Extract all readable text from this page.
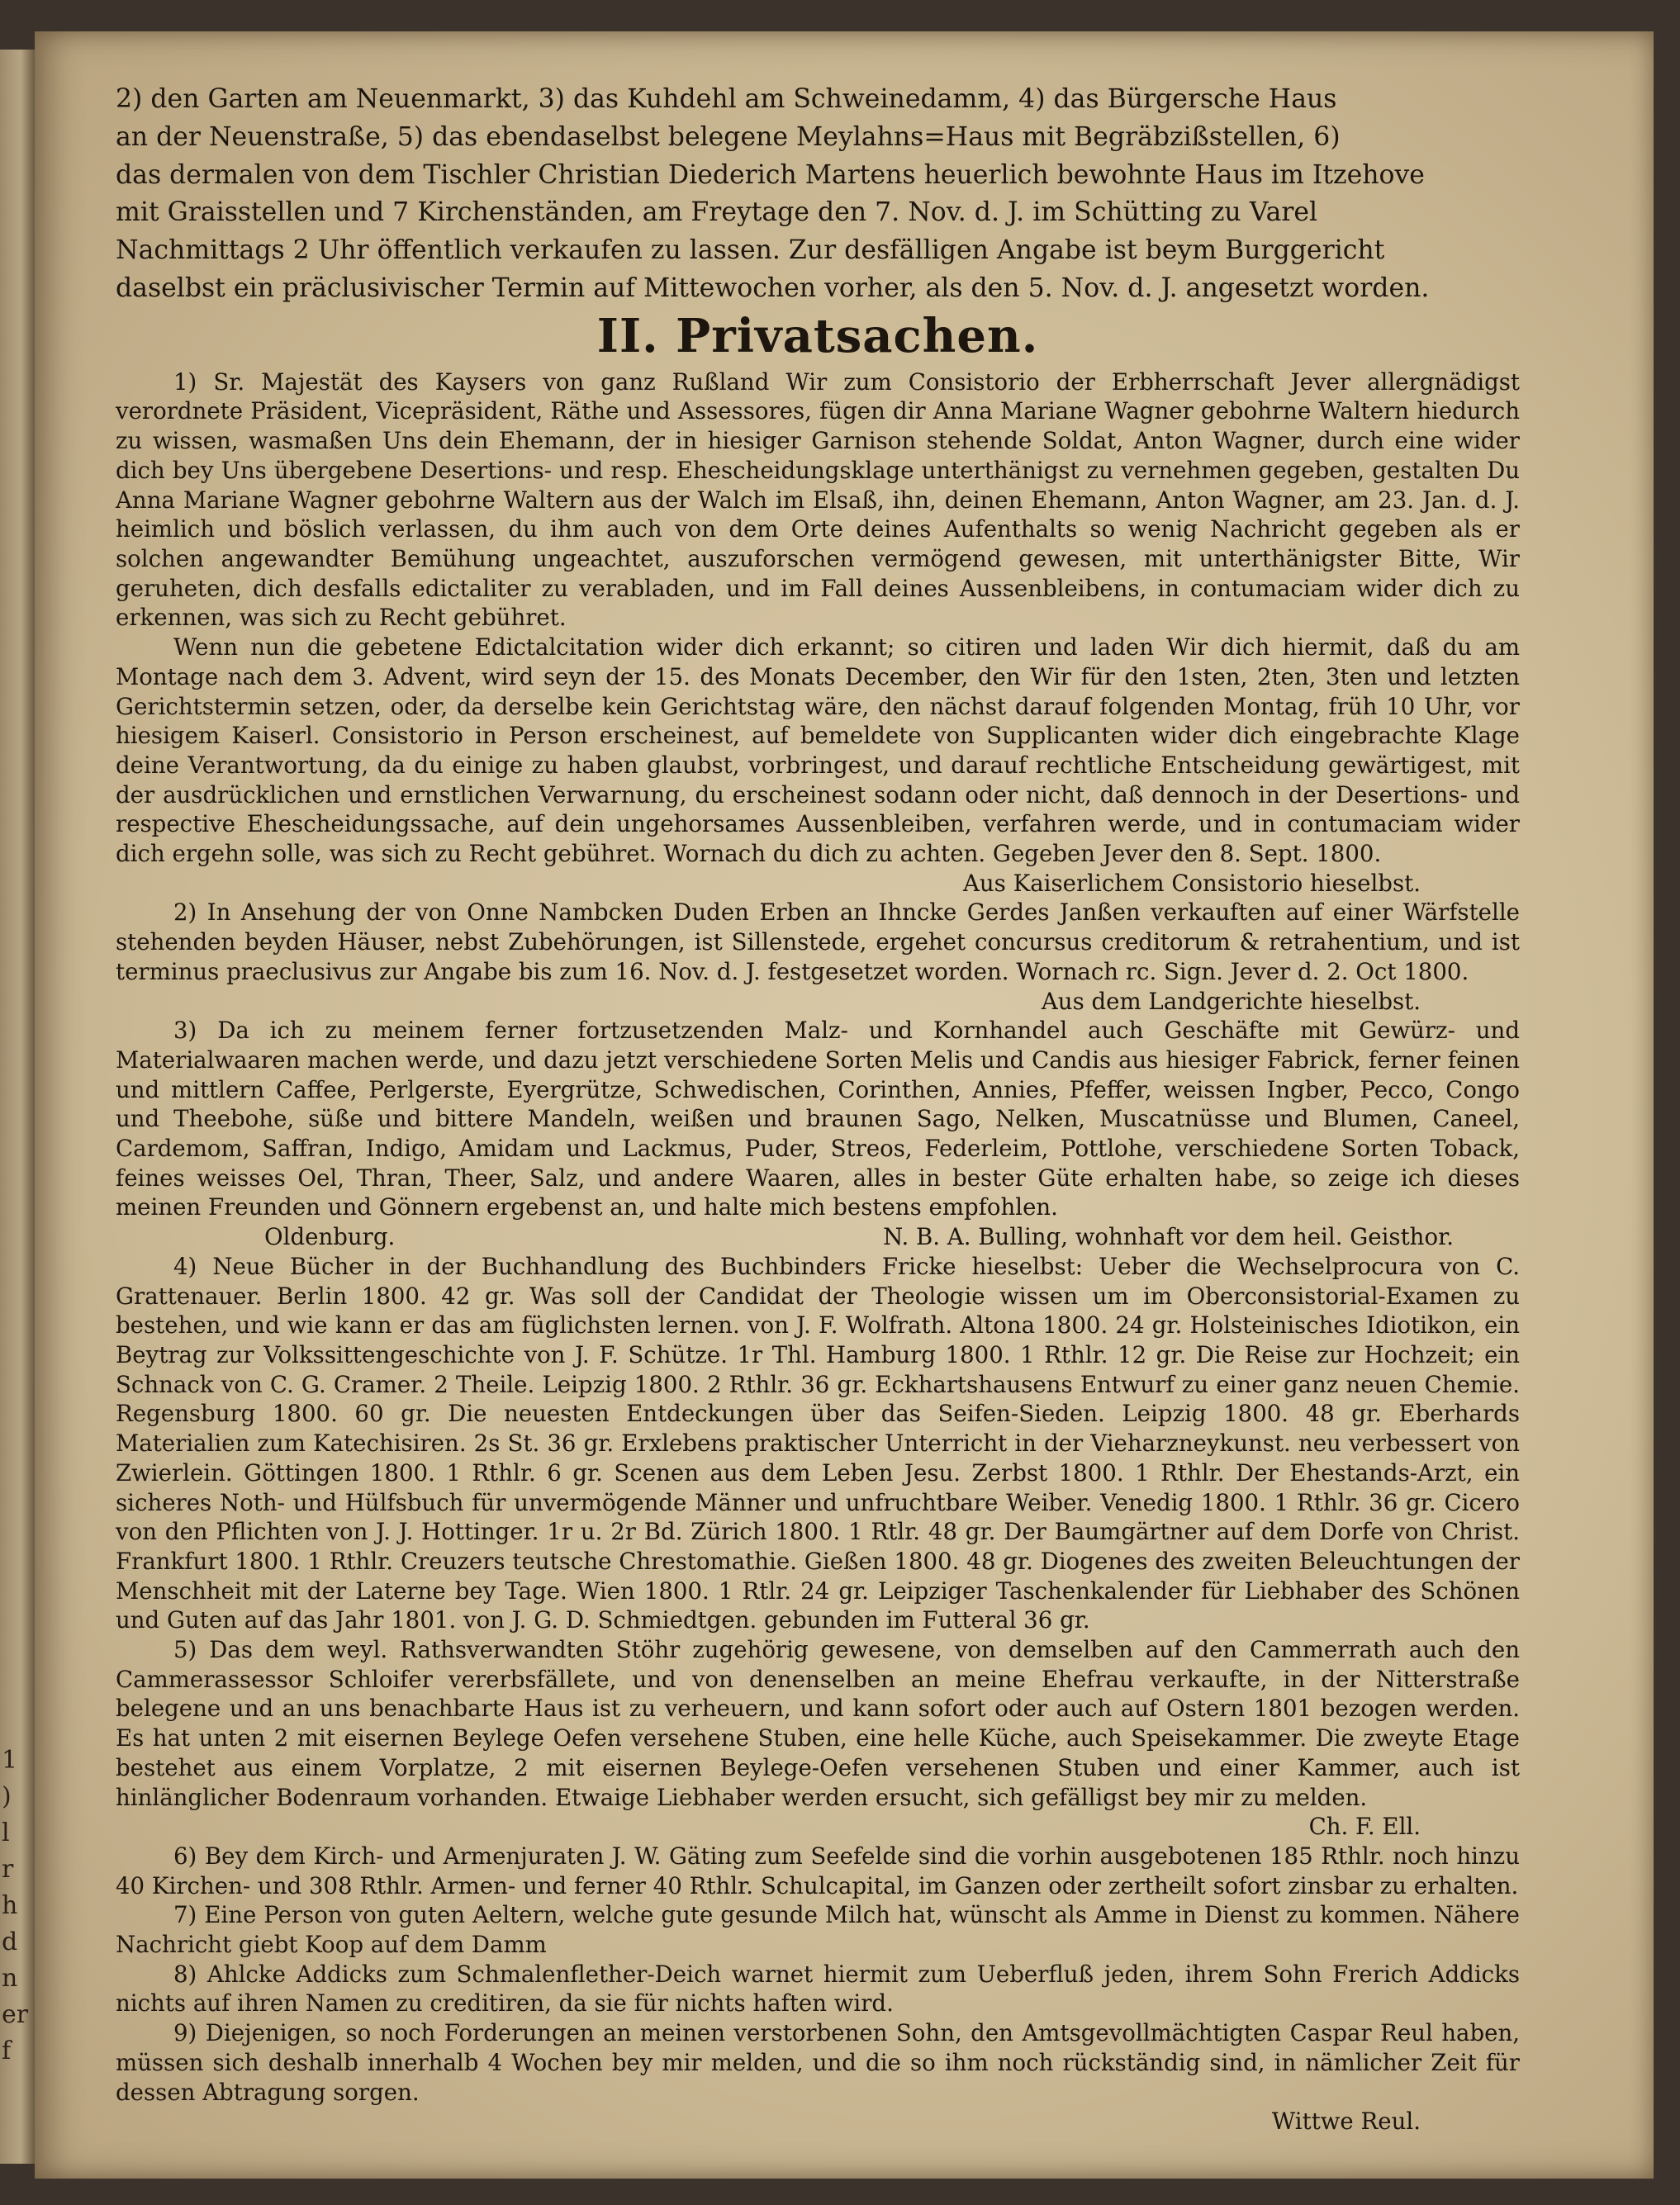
1
)
l
r
h
d
n
er
f

2) den Garten am Neuenmarkt, 3) das Kuhdehl am Schweinedamm, 4) das Bürgersche Haus

an der Neuenstraße, 5) das ebendaselbst belegene Meylahns=Haus mit Begräbzißstellen, 6)

das dermalen von dem Tischler Christian Diederich Martens heuerlich bewohnte Haus im Itzehove

mit Graisstellen und 7 Kirchenständen, am Freytage den 7. Nov. d. J. im Schütting zu Varel

Nachmittags 2 Uhr öffentlich verkaufen zu lassen. Zur desfälligen Angabe ist beym Burggericht

daselbst ein präclusivischer Termin auf Mittewochen vorher, als den 5. Nov. d. J. angesetzt worden.

II. Privatsachen.

1) Sr. Majestät des Kaysers von ganz Rußland Wir zum Consistorio der Erbherrschaft Jever allergnädigst verordnete Präsident, Vicepräsident, Räthe und Assessores, fügen dir Anna Mariane Wagner gebohrne Waltern hiedurch zu wissen, wasmaßen Uns dein Ehemann, der in hiesiger Garnison stehende Soldat, Anton Wagner, durch eine wider dich bey Uns übergebene Desertions- und resp. Ehescheidungsklage unterthänigst zu vernehmen gegeben, gestalten Du Anna Mariane Wagner gebohrne Waltern aus der Walch im Elsaß, ihn, deinen Ehemann, Anton Wagner, am 23. Jan. d. J. heimlich und böslich verlassen, du ihm auch von dem Orte deines Aufenthalts so wenig Nachricht gegeben als er solchen angewandter Bemühung ungeachtet, auszuforschen vermögend gewesen, mit unterthänigster Bitte, Wir geruheten, dich desfalls edictaliter zu verabladen, und im Fall deines Aussenbleibens, in contumaciam wider dich zu erkennen, was sich zu Recht gebühret.

Wenn nun die gebetene Edictalcitation wider dich erkannt; so citiren und laden Wir dich hiermit, daß du am Montage nach dem 3. Advent, wird seyn der 15. des Monats December, den Wir für den 1sten, 2ten, 3ten und letzten Gerichtstermin setzen, oder, da derselbe kein Gerichtstag wäre, den nächst darauf folgenden Montag, früh 10 Uhr, vor hiesigem Kaiserl. Consistorio in Person erscheinest, auf bemeldete von Supplicanten wider dich eingebrachte Klage deine Verantwortung, da du einige zu haben glaubst, vorbringest, und darauf rechtliche Entscheidung gewärtigest, mit der ausdrücklichen und ernstlichen Verwarnung, du erscheinest sodann oder nicht, daß dennoch in der Desertions- und respective Ehescheidungssache, auf dein ungehorsames Aussenbleiben, verfahren werde, und in contumaciam wider dich ergehn solle, was sich zu Recht gebühret. Wornach du dich zu achten. Gegeben Jever den 8. Sept. 1800.

Aus Kaiserlichem Consistorio hieselbst.

2) In Ansehung der von Onne Nambcken Duden Erben an Ihncke Gerdes Janßen verkauften auf einer Wärfstelle stehenden beyden Häuser, nebst Zubehörungen, ist Sillenstede, ergehet concursus creditorum & retrahentium, und ist terminus praeclusivus zur Angabe bis zum 16. Nov. d. J. festgesetzet worden. Wornach rc. Sign. Jever d. 2. Oct 1800.

Aus dem Landgerichte hieselbst.

3) Da ich zu meinem ferner fortzusetzenden Malz- und Kornhandel auch Geschäfte mit Gewürz- und Materialwaaren machen werde, und dazu jetzt verschiedene Sorten Melis und Candis aus hiesiger Fabrick, ferner feinen und mittlern Caffee, Perlgerste, Eyergrütze, Schwedischen, Corinthen, Annies, Pfeffer, weissen Ingber, Pecco, Congo und Theebohe, süße und bittere Mandeln, weißen und braunen Sago, Nelken, Muscatnüsse und Blumen, Caneel, Cardemom, Saffran, Indigo, Amidam und Lackmus, Puder, Streos, Federleim, Pottlohe, verschiedene Sorten Toback, feines weisses Oel, Thran, Theer, Salz, und andere Waaren, alles in bester Güte erhalten habe, so zeige ich dieses meinen Freunden und Gönnern ergebenst an, und halte mich bestens empfohlen.

Oldenburg.	N. B. A. Bulling, wohnhaft vor dem heil. Geisthor.

4) Neue Bücher in der Buchhandlung des Buchbinders Fricke hieselbst: Ueber die Wechselprocura von C. Grattenauer. Berlin 1800. 42 gr. Was soll der Candidat der Theologie wissen um im Oberconsistorial-Examen zu bestehen, und wie kann er das am füglichsten lernen. von J. F. Wolfrath. Altona 1800. 24 gr. Holsteinisches Idiotikon, ein Beytrag zur Volkssittengeschichte von J. F. Schütze. 1r Thl. Hamburg 1800. 1 Rthlr. 12 gr. Die Reise zur Hochzeit; ein Schnack von C. G. Cramer. 2 Theile. Leipzig 1800. 2 Rthlr. 36 gr. Eckhartshausens Entwurf zu einer ganz neuen Chemie. Regensburg 1800. 60 gr. Die neuesten Entdeckungen über das Seifen-Sieden. Leipzig 1800. 48 gr. Eberhards Materialien zum Katechisiren. 2s St. 36 gr. Erxlebens praktischer Unterricht in der Vieharzneykunst. neu verbessert von Zwierlein. Göttingen 1800. 1 Rthlr. 6 gr. Scenen aus dem Leben Jesu. Zerbst 1800. 1 Rthlr. Der Ehestands-Arzt, ein sicheres Noth- und Hülfsbuch für unvermögende Männer und unfruchtbare Weiber. Venedig 1800. 1 Rthlr. 36 gr. Cicero von den Pflichten von J. J. Hottinger. 1r u. 2r Bd. Zürich 1800. 1 Rtlr. 48 gr. Der Baumgärtner auf dem Dorfe von Christ. Frankfurt 1800. 1 Rthlr. Creuzers teutsche Chrestomathie. Gießen 1800. 48 gr. Diogenes des zweiten Beleuchtungen der Menschheit mit der Laterne bey Tage. Wien 1800. 1 Rtlr. 24 gr. Leipziger Taschenkalender für Liebhaber des Schönen und Guten auf das Jahr 1801. von J. G. D. Schmiedtgen. gebunden im Futteral 36 gr.

5) Das dem weyl. Rathsverwandten Stöhr zugehörig gewesene, von demselben auf den Cammerrath auch den Cammerassessor Schloifer vererbsfällete, und von denenselben an meine Ehefrau verkaufte, in der Nitterstraße belegene und an uns benachbarte Haus ist zu verheuern, und kann sofort oder auch auf Ostern 1801 bezogen werden. Es hat unten 2 mit eisernen Beylege Oefen versehene Stuben, eine helle Küche, auch Speisekammer. Die zweyte Etage bestehet aus einem Vorplatze, 2 mit eisernen Beylege-Oefen versehenen Stuben und einer Kammer, auch ist hinlänglicher Bodenraum vorhanden. Etwaige Liebhaber werden ersucht, sich gefälligst bey mir zu melden.

Ch. F. Ell.

6) Bey dem Kirch- und Armenjuraten J. W. Gäting zum Seefelde sind die vorhin ausgebotenen 185 Rthlr. noch hinzu 40 Kirchen- und 308 Rthlr. Armen- und ferner 40 Rthlr. Schulcapital, im Ganzen oder zertheilt sofort zinsbar zu erhalten.

7) Eine Person von guten Aeltern, welche gute gesunde Milch hat, wünscht als Amme in Dienst zu kommen. Nähere Nachricht giebt Koop auf dem Damm

8) Ahlcke Addicks zum Schmalenflether-Deich warnet hiermit zum Ueberfluß jeden, ihrem Sohn Frerich Addicks nichts auf ihren Namen zu creditiren, da sie für nichts haften wird.

9) Diejenigen, so noch Forderungen an meinen verstorbenen Sohn, den Amtsgevollmächtigten Caspar Reul haben, müssen sich deshalb innerhalb 4 Wochen bey mir melden, und die so ihm noch rückständig sind, in nämlicher Zeit für dessen Abtragung sorgen.

Wittwe Reul.
